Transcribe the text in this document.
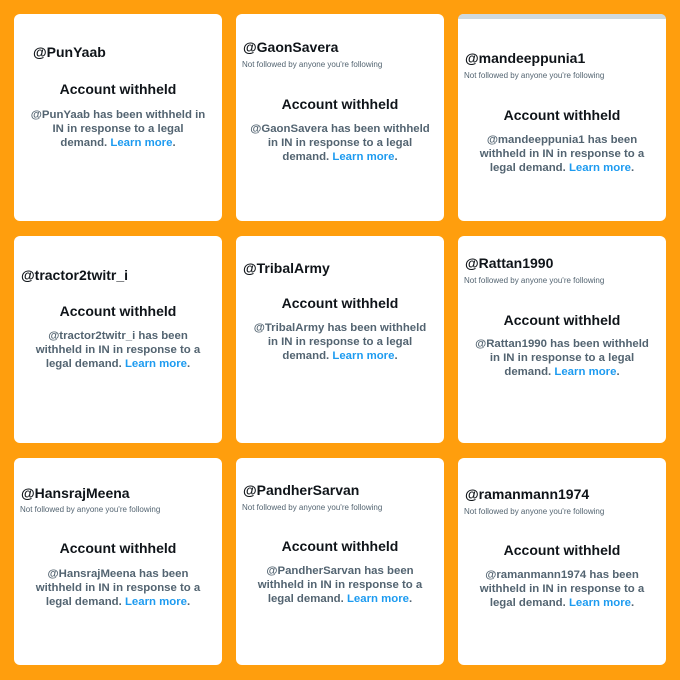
@PunYaab
Account withheld
@PunYaab has been withheld in IN in response to a legal demand. Learn more.
@GaonSavera
Not followed by anyone you're following
Account withheld
@GaonSavera has been withheld in IN in response to a legal demand. Learn more.
@mandeeppunia1
Not followed by anyone you're following
Account withheld
@mandeeppunia1 has been withheld in IN in response to a legal demand. Learn more.
@tractor2twitr_i
Account withheld
@tractor2twitr_i has been withheld in IN in response to a legal demand. Learn more.
@TribalArmy
Account withheld
@TribalArmy has been withheld in IN in response to a legal demand. Learn more.
@Rattan1990
Not followed by anyone you're following
Account withheld
@Rattan1990 has been withheld in IN in response to a legal demand. Learn more.
@HansrajMeena
Not followed by anyone you're following
Account withheld
@HansrajMeena has been withheld in IN in response to a legal demand. Learn more.
@PandherSarvan
Not followed by anyone you're following
Account withheld
@PandherSarvan has been withheld in IN in response to a legal demand. Learn more.
@ramanmann1974
Not followed by anyone you're following
Account withheld
@ramanmann1974 has been withheld in IN in response to a legal demand. Learn more.
